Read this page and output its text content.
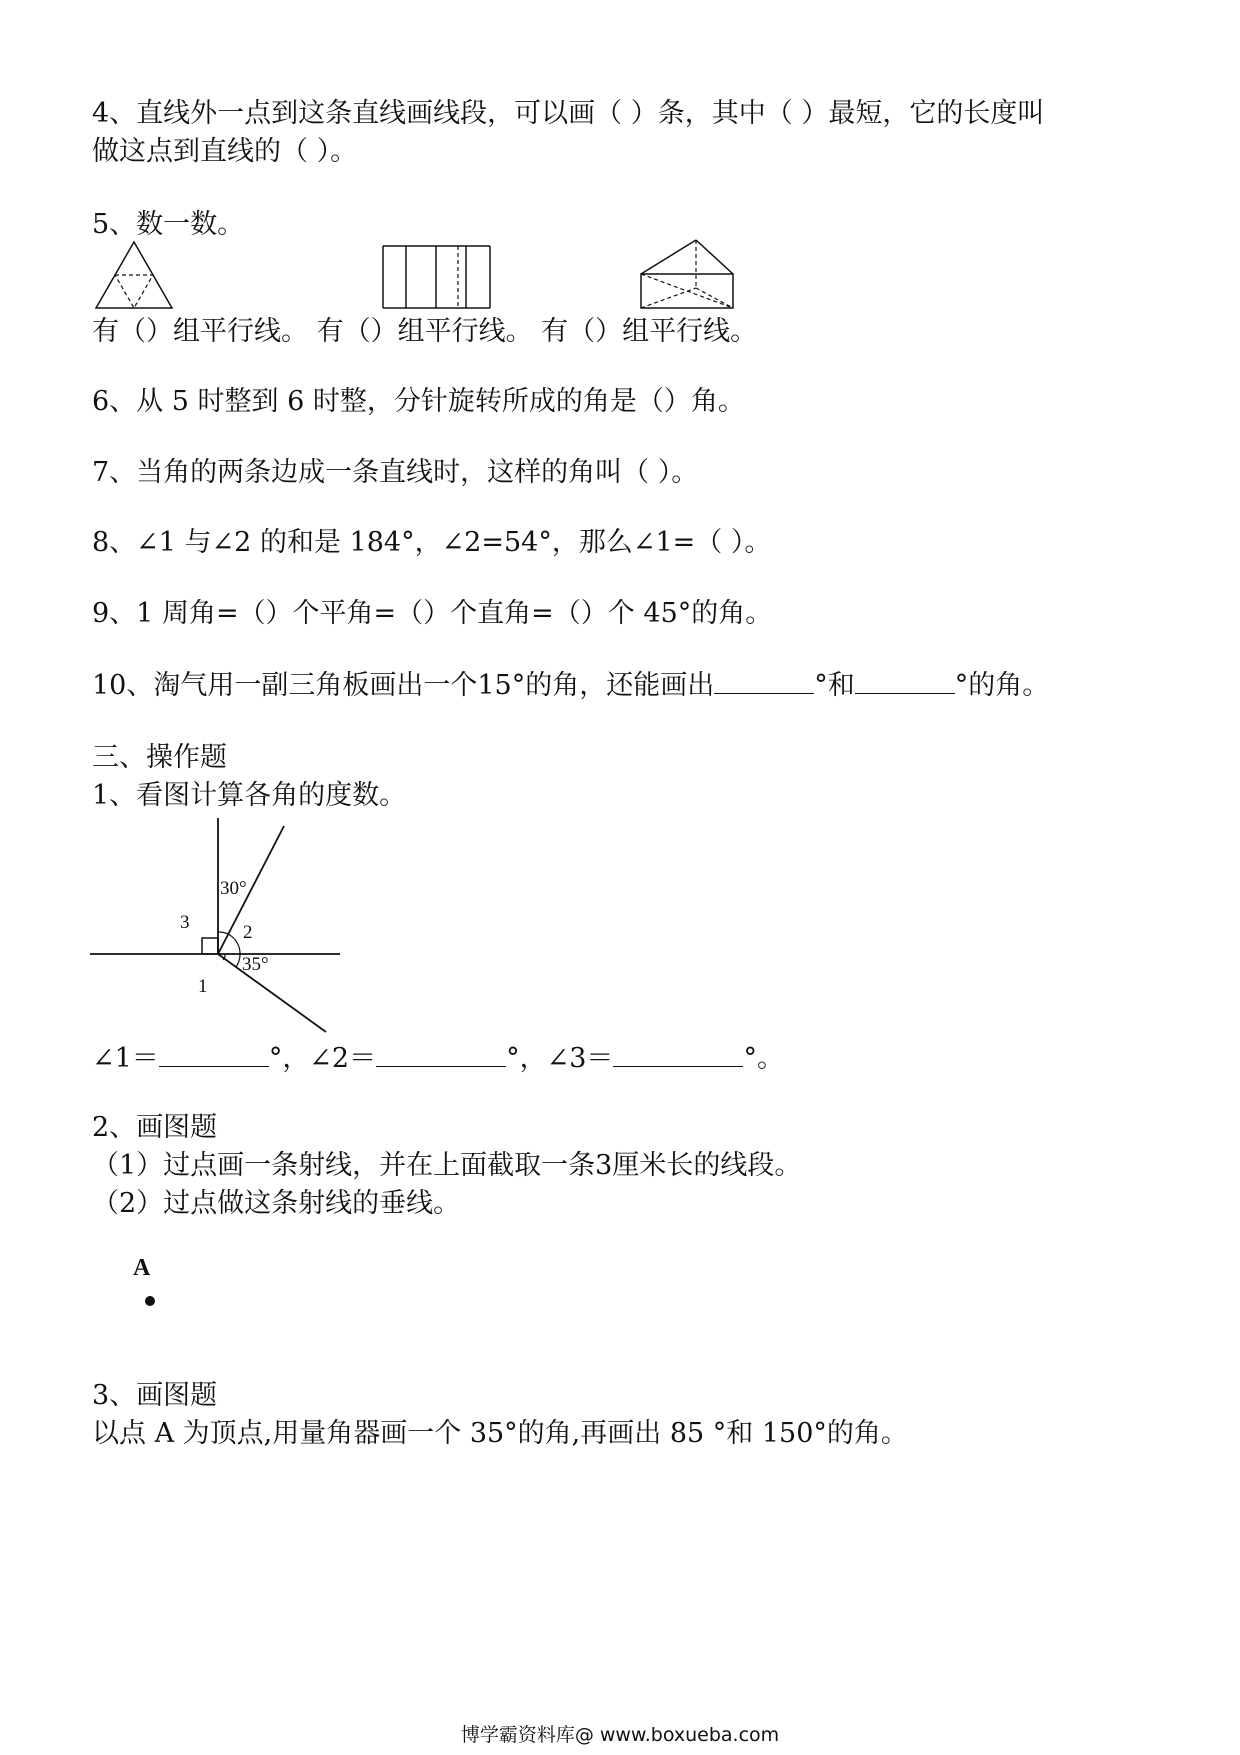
4、直线外一点到这条直线画线段，可以画（ ）条，其中（ ）最短，它的长度叫
做这点到直线的（ ）。
5、数一数。
有（）组平行线。 有（）组平行线。 有（）组平行线。
6、从 5 时整到 6 时整，分针旋转所成的角是（）角。
7、当角的两条边成一条直线时，这样的角叫（ ）。
8、∠1 与∠2 的和是 184°，∠2=54°，那么∠1=（ ）。
9、1 周角=（）个平角=（）个直角=（）个 45°的角。
10、淘气用一副三角板画出一个15°的角，还能画出	°和	°的角。
三、操作题
1、看图计算各角的度数。
30°
35°
1
2
3
∠1＝	°，∠2＝	°，∠3＝	°。
2、画图题
（1）过点画一条射线，并在上面截取一条3厘米长的线段。
（2）过点做这条射线的垂线。
A
3、画图题
以点 A 为顶点,用量角器画一个 35°的角,再画出 85 °和 150°的角。
博学霸资料库@ www.boxueba.com
